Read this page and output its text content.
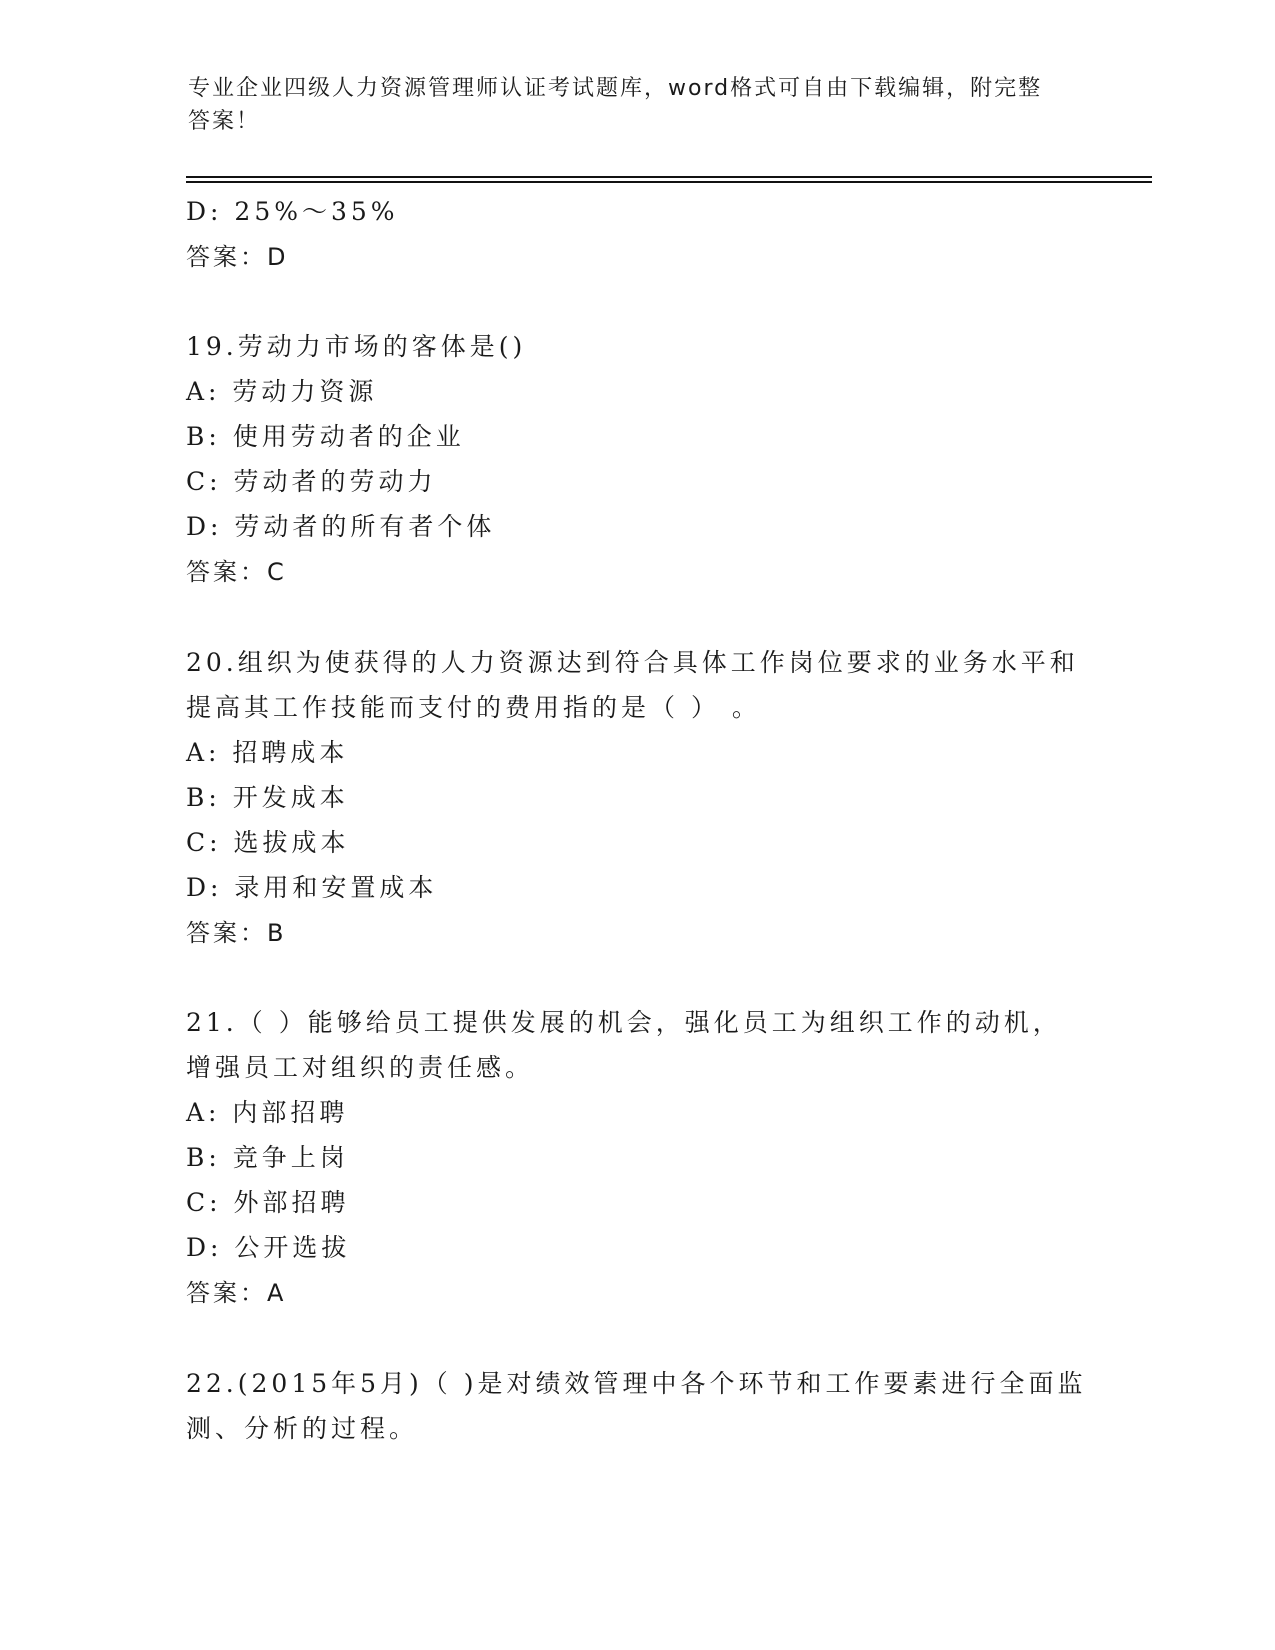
专业企业四级人力资源管理师认证考试题库，word格式可自由下载编辑，附完整
答案！
D: 25%～35%
答案：D
19.劳动力市场的客体是()
A: 劳动力资源
B: 使用劳动者的企业
C: 劳动者的劳动力
D: 劳动者的所有者个体
答案：C
20.组织为使获得的人力资源达到符合具体工作岗位要求的业务水平和
提高其工作技能而支付的费用指的是（ ） 。
A: 招聘成本
B: 开发成本
C: 选拔成本
D: 录用和安置成本
答案：B
21.（ ）能够给员工提供发展的机会，强化员工为组织工作的动机，
增强员工对组织的责任感。
A: 内部招聘
B: 竞争上岗
C: 外部招聘
D: 公开选拔
答案：A
22.(2015年5月)（ )是对绩效管理中各个环节和工作要素进行全面监
测、分析的过程。
